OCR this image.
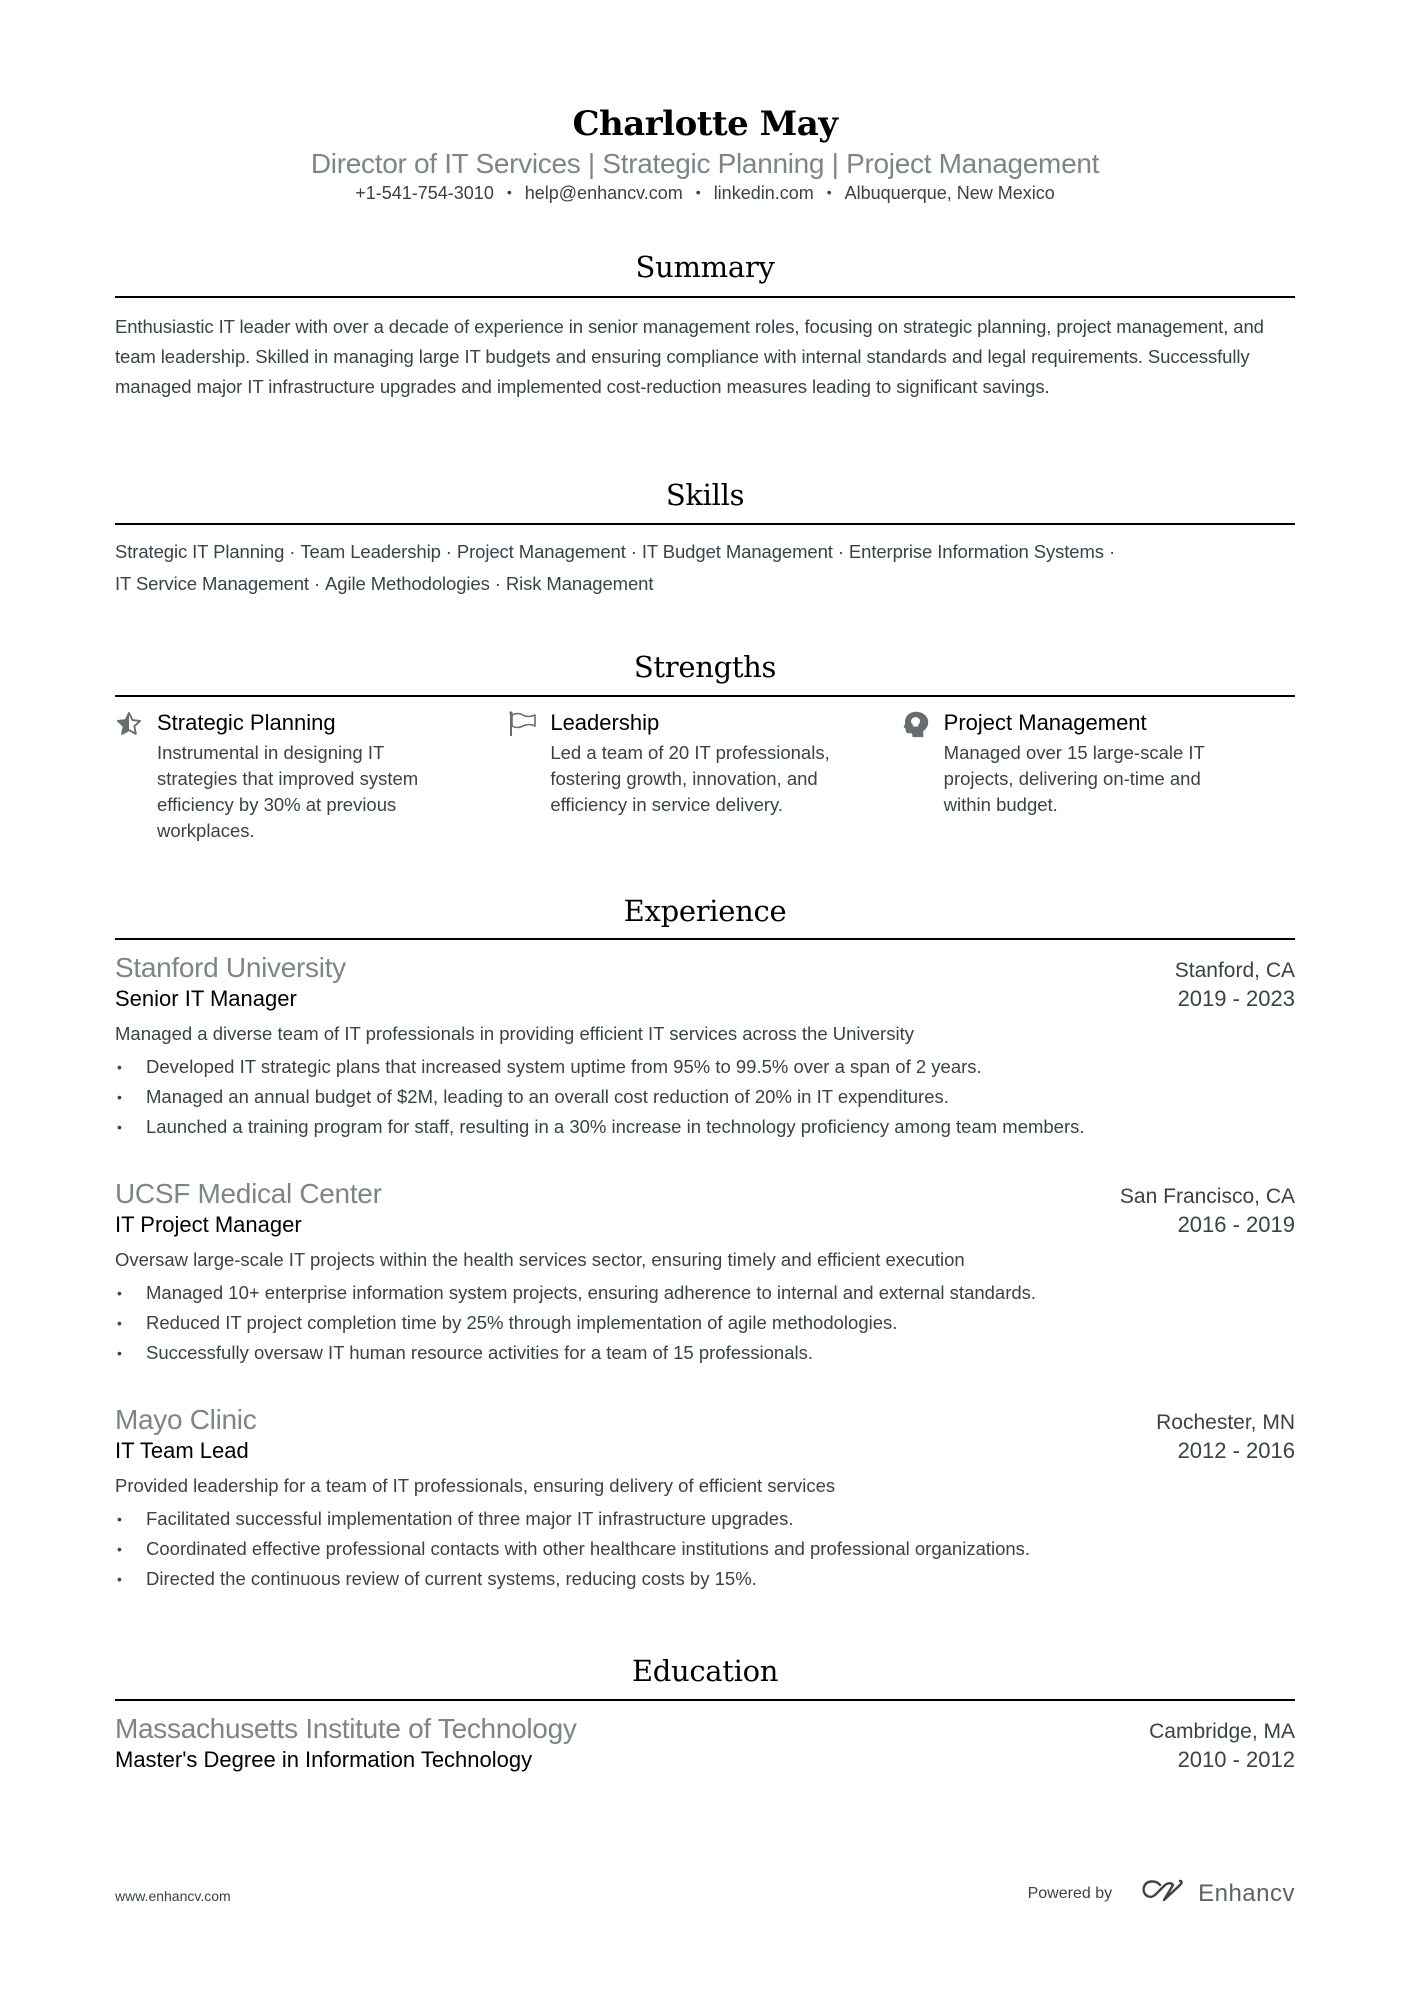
Charlotte May
Director of IT Services | Strategic Planning | Project Management
+1-541-754-3010 • help@enhancv.com • linkedin.com • Albuquerque, New Mexico
Summary
Enthusiastic IT leader with over a decade of experience in senior management roles, focusing on strategic planning, project management, and team leadership. Skilled in managing large IT budgets and ensuring compliance with internal standards and legal requirements. Successfully managed major IT infrastructure upgrades and implemented cost-reduction measures leading to significant savings.
Skills
Strategic IT Planning · Team Leadership · Project Management · IT Budget Management · Enterprise Information Systems ·
IT Service Management · Agile Methodologies · Risk Management
Strengths
Strategic Planning
Instrumental in designing IT strategies that improved system efficiency by 30% at previous workplaces.
Leadership
Led a team of 20 IT professionals, fostering growth, innovation, and efficiency in service delivery.
Project Management
Managed over 15 large-scale IT projects, delivering on-time and within budget.
Experience
Stanford University	Stanford, CA
Senior IT Manager	2019 - 2023
Managed a diverse team of IT professionals in providing efficient IT services across the University
• Developed IT strategic plans that increased system uptime from 95% to 99.5% over a span of 2 years.
• Managed an annual budget of $2M, leading to an overall cost reduction of 20% in IT expenditures.
• Launched a training program for staff, resulting in a 30% increase in technology proficiency among team members.
UCSF Medical Center	San Francisco, CA
IT Project Manager	2016 - 2019
Oversaw large-scale IT projects within the health services sector, ensuring timely and efficient execution
• Managed 10+ enterprise information system projects, ensuring adherence to internal and external standards.
• Reduced IT project completion time by 25% through implementation of agile methodologies.
• Successfully oversaw IT human resource activities for a team of 15 professionals.
Mayo Clinic	Rochester, MN
IT Team Lead	2012 - 2016
Provided leadership for a team of IT professionals, ensuring delivery of efficient services
• Facilitated successful implementation of three major IT infrastructure upgrades.
• Coordinated effective professional contacts with other healthcare institutions and professional organizations.
• Directed the continuous review of current systems, reducing costs by 15%.
Education
Massachusetts Institute of Technology	Cambridge, MA
Master's Degree in Information Technology	2010 - 2012
www.enhancv.com	Powered by	Enhancv
